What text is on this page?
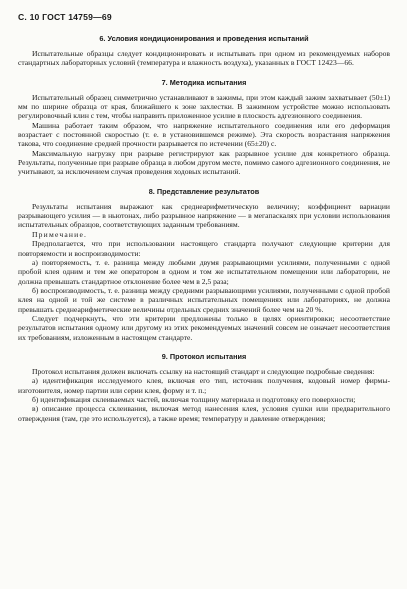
С. 10 ГОСТ 14759—69
6. Условия кондиционирования и проведения испытаний

Испытательные образцы следует кондиционировать и испытывать при одном из рекомендуемых наборов стандартных лабораторных условий (температура и влажность воздуха), указанных в ГОСТ 12423—66.

7. Методика испытания

Испытательный образец симметрично устанавливают в зажимы, при этом каждый зажим захватывает (50±1) мм по ширине образца от края, ближайшего к зоне захлестки. В зажимном устройстве можно использовать регулировочный клин с тем, чтобы направить приложенное усилие в плоскость адгезионного соединения.

Машина работает таким образом, что напряжение испытательного соединения или его деформация возрастает с постоянной скоростью (т. е. в установившемся режиме). Эта скорость возрастания напряжения такова, что соединение средней прочности разрывается по истечении (65±20) с.

Максимальную нагрузку при разрыве регистрируют как разрывное усилие для конкретного образца. Результаты, полученные при разрыве образца в любом другом месте, помимо самого адгезионного соединения, не учитывают, за исключением случая проведения ходовых испытаний.

8. Представление результатов

Результаты испытания выражают как среднеарифметическую величину; коэффициент вариации разрывающего усилия — в ньютонах, либо разрывное напряжение — в мегапаскалях при условии использования испытательных образцов, соответствующих заданным требованиям.

Примечание.

Предполагается, что при использовании настоящего стандарта получают следующие критерии для повторяемости и воспроизводимости:

а) повторяемость, т. е. разница между любыми двумя разрывающими усилиями, полученными с одной пробой клея одним и тем же оператором в одном и том же испытательном помещении или лаборатории, не должна превышать стандартное отклонение более чем в 2,5 раза;

б) воспроизводимость, т. е. разница между средними разрывающими усилиями, полученными с одной пробой клея на одной и той же системе в различных испытательных помещениях или лабораториях, не должна превышать среднеарифметические величины отдельных средних значений более чем на 20 %.

Следует подчеркнуть, что эти критерии предложены только в целях ориентировки; несоответствие результатов испытания одному или другому из этих рекомендуемых значений совсем не означает несоответствия их требованиям, изложенным в настоящем стандарте.

9. Протокол испытания

Протокол испытания должен включать ссылку на настоящий стандарт и следующие подробные сведения:

а) идентификация исследуемого клея, включая его тип, источник получения, кодовый номер фирмы-изготовителя, номер партии или серии клея, форму и т. п.;

б) идентификация склеиваемых частей, включая толщину материала и подготовку его поверхности;

в) описание процесса склеивания, включая метод нанесения клея, условия сушки или предварительного отверждения (там, где это используется), а также время; температуру и давление отверждения;
